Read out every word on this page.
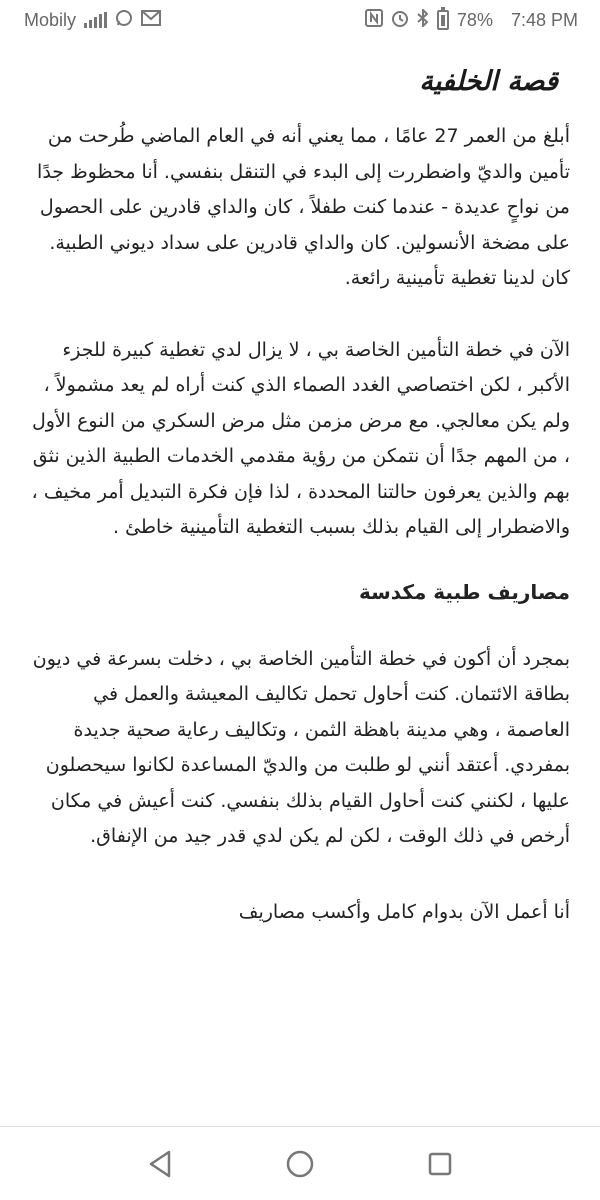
Mobily	78% 7:48 PM
قصة الخلفية

أبلغ من العمر 27 عامًا ، مما يعني أنه في العام الماضي طُرحت من تأمين والديّ واضطررت إلى البدء في التنقل بنفسي. أنا محظوظ جدًا من نواحٍ عديدة - عندما كنت طفلاً ، كان والداي قادرين على الحصول على مضخة الأنسولين. كان والداي قادرين على سداد ديوني الطبية. كان لدينا تغطية تأمينية رائعة.

الآن في خطة التأمين الخاصة بي ، لا يزال لدي تغطية كبيرة للجزء الأكبر ، لكن اختصاصي الغدد الصماء الذي كنت أراه لم يعد مشمولاً ، ولم يكن معالجي. مع مرض مزمن مثل مرض السكري من النوع الأول ، من المهم جدًا أن نتمكن من رؤية مقدمي الخدمات الطبية الذين نثق بهم والذين يعرفون حالتنا المحددة ، لذا فإن فكرة التبديل أمر مخيف ، والاضطرار إلى القيام بذلك بسبب التغطية التأمينية خاطئ .

مصاريف طبية مكدسة

بمجرد أن أكون في خطة التأمين الخاصة بي ، دخلت بسرعة في ديون بطاقة الائتمان. كنت أحاول تحمل تكاليف المعيشة والعمل في العاصمة ، وهي مدينة باهظة الثمن ، وتكاليف رعاية صحية جديدة بمفردي. أعتقد أنني لو طلبت من والديّ المساعدة لكانوا سيحصلون عليها ، لكنني كنت أحاول القيام بذلك بنفسي. كنت أعيش في مكان أرخص في ذلك الوقت ، لكن لم يكن لدي قدر جيد من الإنفاق.

أنا أعمل الآن بدوام كامل وأكسب مصاريف
